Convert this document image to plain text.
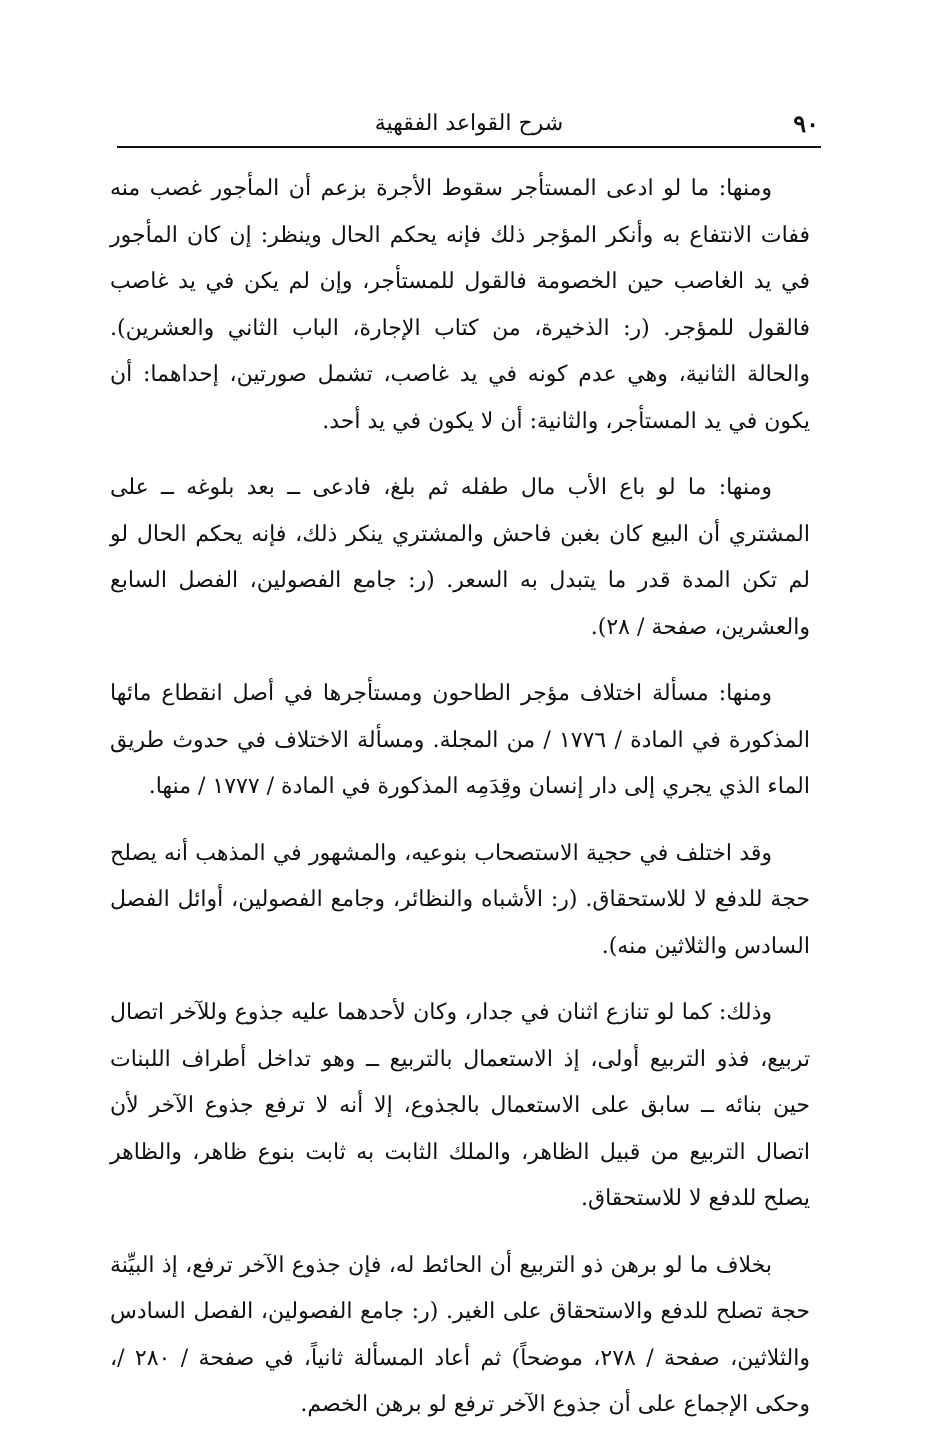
٩٠
شرح القواعد الفقهية

ومنها: ما لو ادعى المستأجر سقوط الأجرة بزعم أن المأجور غصب منه ففات الانتفاع به وأنكر المؤجر ذلك فإنه يحكم الحال وينظر: إن كان المأجور في يد الغاصب حين الخصومة فالقول للمستأجر، وإن لم يكن في يد غاصب فالقول للمؤجر. (ر: الذخيرة، من كتاب الإجارة، الباب الثاني والعشرين). والحالة الثانية، وهي عدم كونه في يد غاصب، تشمل صورتين، إحداهما: أن يكون في يد المستأجر، والثانية: أن لا يكون في يد أحد.

ومنها: ما لو باع الأب مال طفله ثم بلغ، فادعى ــ بعد بلوغه ــ على المشتري أن البيع كان بغبن فاحش والمشتري ينكر ذلك، فإنه يحكم الحال لو لم تكن المدة قدر ما يتبدل به السعر. (ر: جامع الفصولين، الفصل السابع والعشرين، صفحة / ٢٨).

ومنها: مسألة اختلاف مؤجر الطاحون ومستأجرها في أصل انقطاع مائها المذكورة في المادة / ١٧٧٦ / من المجلة. ومسألة الاختلاف في حدوث طريق الماء الذي يجري إلى دار إنسان وقِدَمِه المذكورة في المادة / ١٧٧٧ / منها.

وقد اختلف في حجية الاستصحاب بنوعيه، والمشهور في المذهب أنه يصلح حجة للدفع لا للاستحقاق. (ر: الأشباه والنظائر، وجامع الفصولين، أوائل الفصل السادس والثلاثين منه).

وذلك: كما لو تنازع اثنان في جدار، وكان لأحدهما عليه جذوع وللآخر اتصال تربيع، فذو التربيع أولى، إذ الاستعمال بالتربيع ــ وهو تداخل أطراف اللبنات حين بنائه ــ سابق على الاستعمال بالجذوع، إلا أنه لا ترفع جذوع الآخر لأن اتصال التربيع من قبيل الظاهر، والملك الثابت به ثابت بنوع ظاهر، والظاهر يصلح للدفع لا للاستحقاق.

بخلاف ما لو برهن ذو التربيع أن الحائط له، فإن جذوع الآخر ترفع، إذ البيِّنة حجة تصلح للدفع والاستحقاق على الغير. (ر: جامع الفصولين، الفصل السادس والثلاثين، صفحة / ٢٧٨، موضحاً) ثم أعاد المسألة ثانياً، في صفحة / ٢٨٠ /، وحكى الإجماع على أن جذوع الآخر ترفع لو برهن الخصم.
